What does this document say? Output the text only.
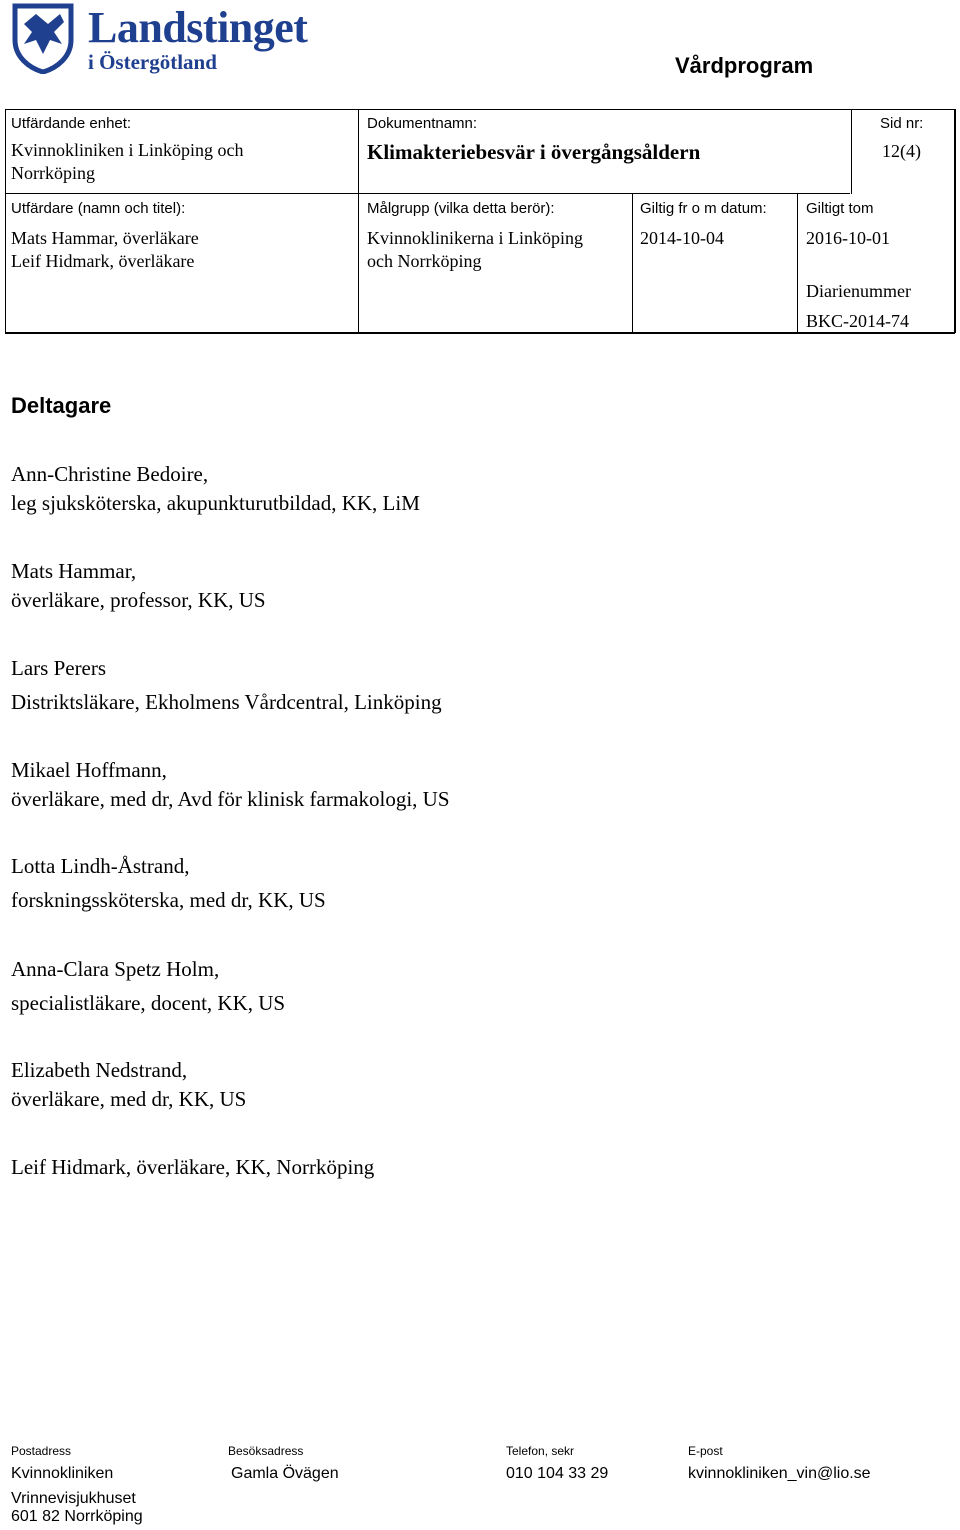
Landstinget
i Östergötland	Vårdprogram
Utfärdande enhet:
Kvinnokliniken i Linköping och
Norrköping
Dokumentnamn:
Klimakteriebesvär i övergångsåldern
Sid nr:
12(4)
Utfärdare (namn och titel):
Mats Hammar, överläkare
Leif Hidmark, överläkare
Målgrupp (vilka detta berör):
Kvinnoklinikerna i Linköping
och Norrköping
Giltig fr o m datum:
2014-10-04
Giltigt tom
2016-10-01
Diarienummer
BKC-2014-74
Deltagare
Ann-Christine Bedoire,
leg sjuksköterska, akupunkturutbildad, KK, LiM
Mats Hammar,
överläkare, professor, KK, US
Lars Perers
Distriktsläkare, Ekholmens Vårdcentral, Linköping
Mikael Hoffmann,
överläkare, med dr, Avd för klinisk farmakologi, US
Lotta Lindh-Åstrand,
forskningssköterska, med dr, KK, US
Anna-Clara Spetz Holm,
specialistläkare, docent, KK, US
Elizabeth Nedstrand,
överläkare, med dr, KK, US
Leif Hidmark, överläkare, KK, Norrköping
Postadress
Kvinnokliniken
Vrinnevisjukhuset
601 82 Norrköping
Besöksadress
Gamla Övägen
Telefon, sekr
010 104 33 29
E-post
kvinnokliniken_vin@lio.se
